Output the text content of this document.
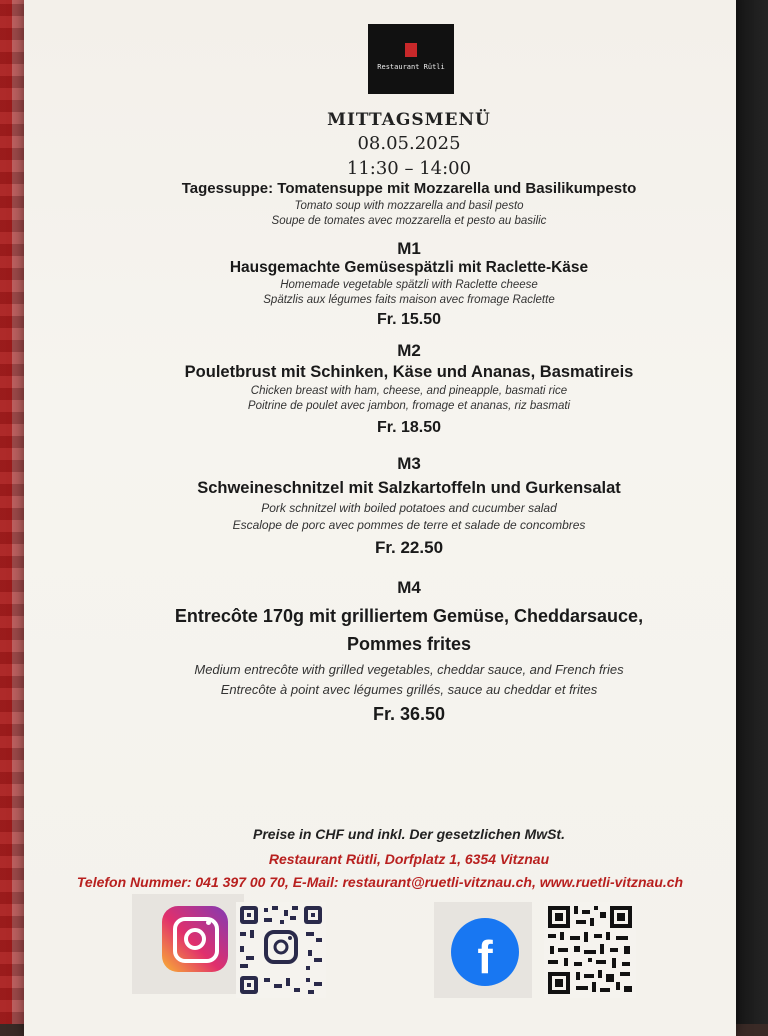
Restaurant Rütli
MITTAGSMENÜ
08.05.2025
11:30 – 14:00
Tagessuppe: Tomatensuppe mit Mozzarella und Basilikumpesto
Tomato soup with mozzarella and basil pesto
Soupe de tomates avec mozzarella et pesto au basilic
M1
Hausgemachte Gemüsespätzli mit Raclette-Käse
Homemade vegetable spätzli with Raclette cheese
Spätzlis aux légumes faits maison avec fromage Raclette
Fr. 15.50
M2
Pouletbrust mit Schinken, Käse und Ananas, Basmatireis
Chicken breast with ham, cheese, and pineapple, basmati rice
Poitrine de poulet avec jambon, fromage et ananas, riz basmati
Fr. 18.50
M3
Schweineschnitzel mit Salzkartoffeln und Gurkensalat
Pork schnitzel with boiled potatoes and cucumber salad
Escalope de porc avec pommes de terre et salade de concombres
Fr. 22.50
M4
Entrecôte 170g mit grilliertem Gemüse, Cheddarsauce,
Pommes frites
Medium entrecôte with grilled vegetables, cheddar sauce, and French fries
Entrecôte à point avec légumes grillés, sauce au cheddar et frites
Fr. 36.50
Preise in CHF und inkl. Der gesetzlichen MwSt.
Restaurant Rütli, Dorfplatz 1, 6354 Vitznau
Telefon Nummer: 041 397 00 70, E-Mail: restaurant@ruetli-vitznau.ch, www.ruetli-vitznau.ch
f
